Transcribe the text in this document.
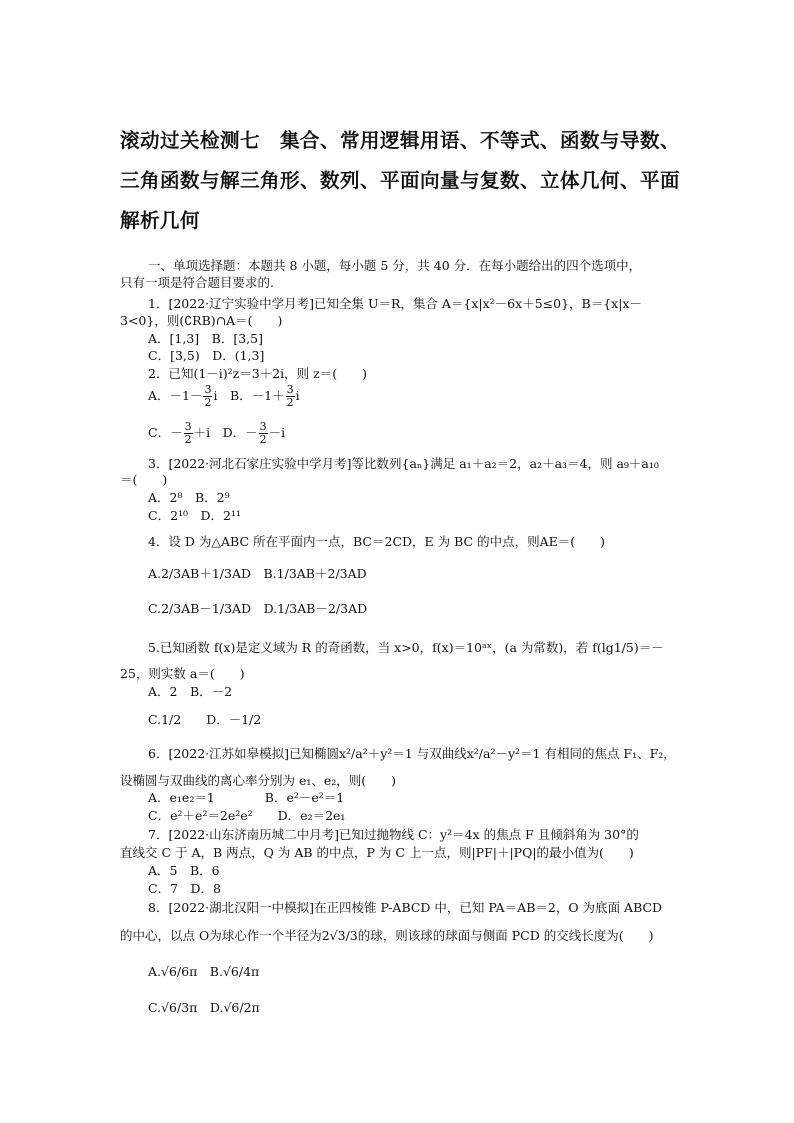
滚动过关检测七　集合、常用逻辑用语、不等式、函数与导数、三角函数与解三角形、数列、平面向量与复数、立体几何、平面解析几何
一、单项选择题：本题共 8 小题，每小题 5 分，共 40 分．在每小题给出的四个选项中，
只有一项是符合题目要求的.
1．[2022·辽宁实验中学月考]已知全集 U＝R，集合 A＝{x|x²－6x＋5≤0}，B＝{x|x－
3<0}，则(∁RB)∩A＝(　　)
A．[1,3]　B．[3,5]
C．[3,5)　D．(1,3]
2．已知(1－i)²z＝3＋2i，则 z＝(　　)
A．$-1- \frac{3}{2}$ i　B．$-1+ \frac{3}{2}$ i
C．－ $\frac{3}{2} +i$　D．－ $\frac{3}{2} -i$
3．[2022·河北石家庄实验中学月考]等比数列{aₙ}满足 a₁＋a₂＝2，a₂＋a₃＝4，则 a₉＋a₁₀
＝(　　)
A．2⁸　B．2⁹
C．2¹⁰　D．2¹¹
4．设 D 为△ABC 所在平面内一点，BC＝2CD，E 为 BC 的中点，则AE＝(　　)
A.2/3AB＋1/3AD　B.1/3AB＋2/3AD
C.2/3AB－1/3AD　D.1/3AB－2/3AD
5.已知函数 f(x)是定义域为 R 的奇函数，当 x>0，f(x)＝10ᵃˣ，(a 为常数)，若 f(lg1/5)＝－
25，则实数 a＝(　　)
A．2　B．－2
C.1/2　　D．－1/2
6．[2022·江苏如皋模拟]已知椭圆x²/a²＋y²＝1 与双曲线x²/a²－y²＝1 有相同的焦点 F₁、F₂，
设椭圆与双曲线的离心率分别为 e₁、e₂，则(　　)
A．e₁e₂＝1　　　　B．e²－e²＝1
C．e²＋e²＝2e²e²　　D．e₂＝2e₁
7．[2022·山东济南历城二中月考]已知过抛物线 C：y²＝4x 的焦点 F 且倾斜角为 30°的
直线交 C 于 A，B 两点，Q 为 AB 的中点，P 为 C 上一点，则|PF|＋|PQ|的最小值为(　　)
A．5　B．6
C．7　D．8
8．[2022·湖北汉阳一中模拟]在正四棱锥 P-ABCD 中，已知 PA＝AB＝2，O 为底面 ABCD
的中心，以点 O为球心作一个半径为2√3/3的球，则该球的球面与侧面 PCD 的交线长度为(　　)
A.√6/6π　B.√6/4π
C.√6/3π　D.√6/2π
